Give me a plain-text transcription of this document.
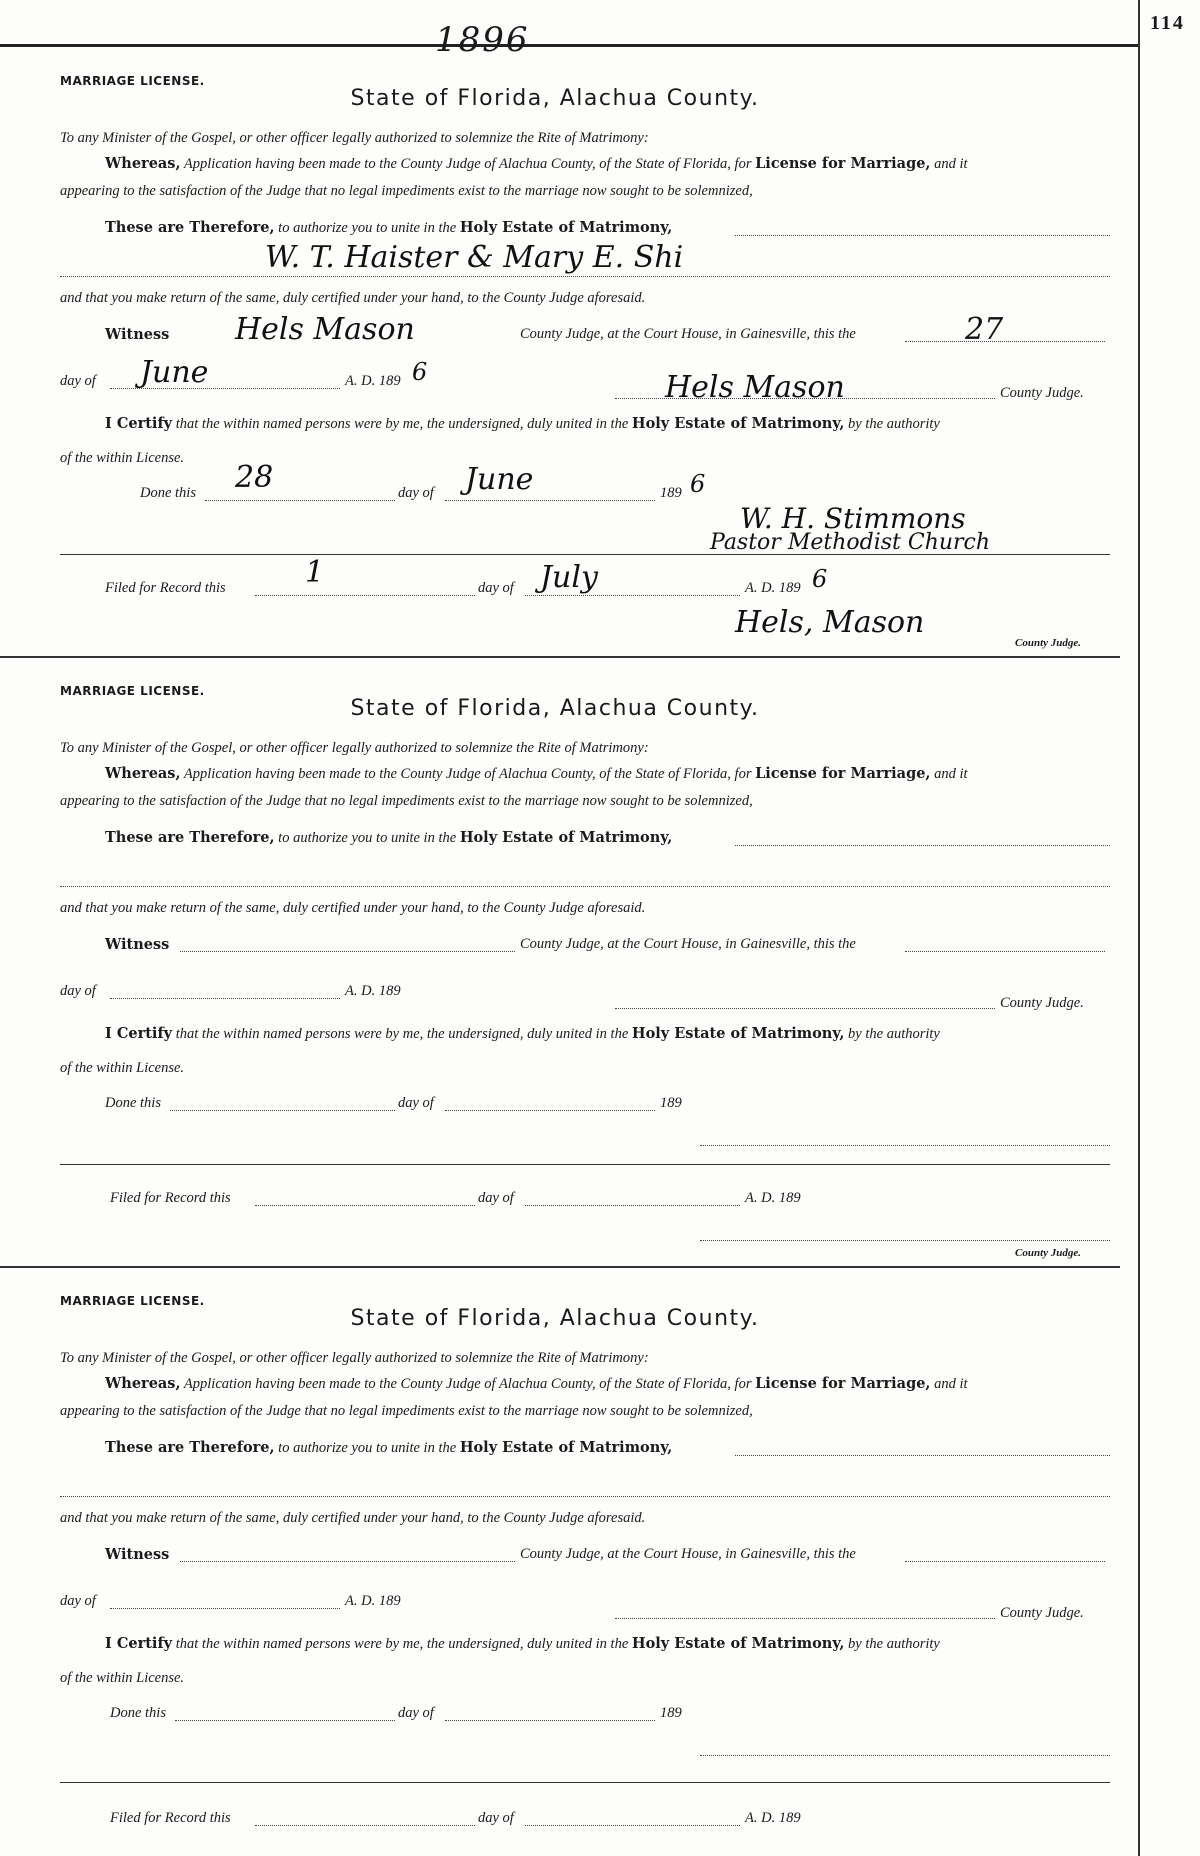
114
1896
MARRIAGE LICENSE.
State of Florida, Alachua County.
To any Minister of the Gospel, or other officer legally authorized to solemnize the Rite of Matrimony:
Whereas, Application having been made to the County Judge of Alachua County, of the State of Florida, for License for Marriage, and it
appearing to the satisfaction of the Judge that no legal impediments exist to the marriage now sought to be solemnized,
These are Therefore, to authorize you to unite in the Holy Estate of Matrimony,
W. T. Haister & Mary E. Shi
and that you make return of the same, duly certified under your hand, to the County Judge aforesaid.
Witness Hels Mason	County Judge, at the Court House, in Gainesville, this the	27
day of June	A. D. 189 6	Hels Mason	County Judge.
I Certify that the within named persons were by me, the undersigned, duly united in the Holy Estate of Matrimony, by the authority
of the within License.
Done this 28	day of June	189 6
W. H. Stimmons
Pastor Methodist Church
Filed for Record this	1	day of July	A. D. 189 6
Hels, Mason
County Judge.
MARRIAGE LICENSE.
State of Florida, Alachua County.
To any Minister of the Gospel, or other officer legally authorized to solemnize the Rite of Matrimony:
Whereas, Application having been made to the County Judge of Alachua County, of the State of Florida, for License for Marriage, and it
appearing to the satisfaction of the Judge that no legal impediments exist to the marriage now sought to be solemnized,
These are Therefore, to authorize you to unite in the Holy Estate of Matrimony,
and that you make return of the same, duly certified under your hand, to the County Judge aforesaid.
Witness	County Judge, at the Court House, in Gainesville, this the
day of	A. D. 189
County Judge.
I Certify that the within named persons were by me, the undersigned, duly united in the Holy Estate of Matrimony, by the authority
of the within License.
Done this	day of	189
Filed for Record this	day of	A. D. 189
County Judge.
MARRIAGE LICENSE.
State of Florida, Alachua County.
To any Minister of the Gospel, or other officer legally authorized to solemnize the Rite of Matrimony:
Whereas, Application having been made to the County Judge of Alachua County, of the State of Florida, for License for Marriage, and it
appearing to the satisfaction of the Judge that no legal impediments exist to the marriage now sought to be solemnized,
These are Therefore, to authorize you to unite in the Holy Estate of Matrimony,
and that you make return of the same, duly certified under your hand, to the County Judge aforesaid.
Witness	County Judge, at the Court House, in Gainesville, this the
day of	A. D. 189
County Judge.
I Certify that the within named persons were by me, the undersigned, duly united in the Holy Estate of Matrimony, by the authority
of the within License.
Done this	day of	189
Filed for Record this	day of	A. D. 189
